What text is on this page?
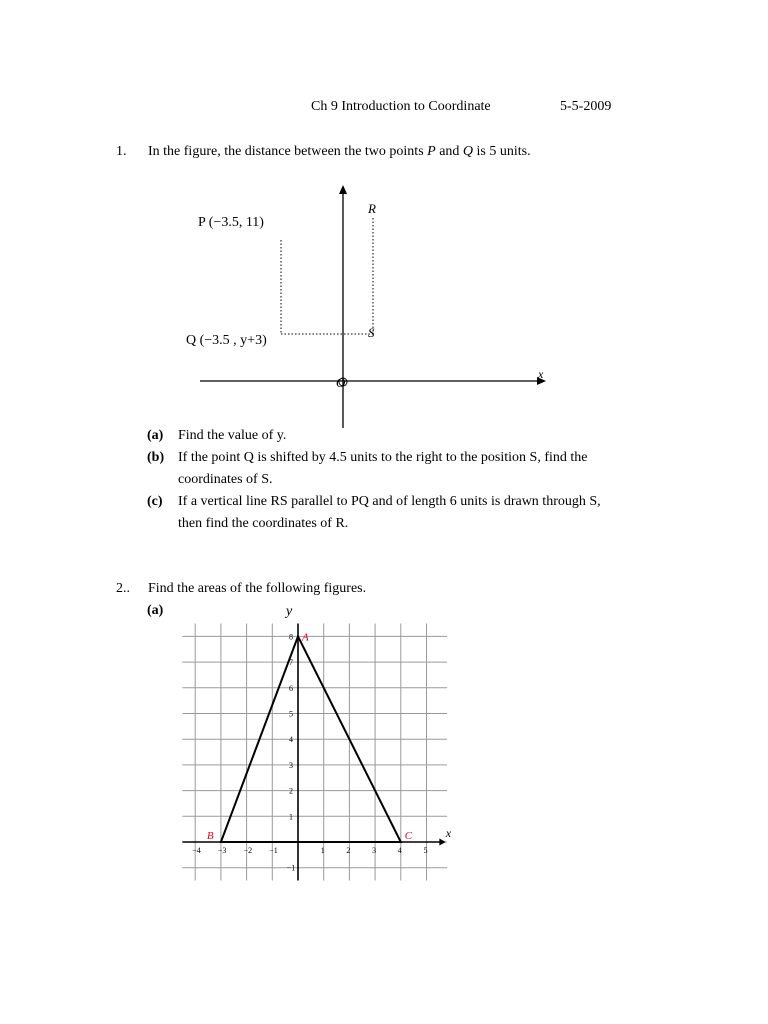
Ch 9 Introduction to Coordinate	5-5-2009
1. In the figure, the distance between the two points P and Q is 5 units.
O
x
P (−3.5, 11)
Q (−3.5 , y+3)
R
S
(a) Find the value of y.
(b) If the point Q is shifted by 4.5 units to the right to the position S, find the
coordinates of S.
(c) If a vertical line RS parallel to PQ and of length 6 units is drawn through S,
then find the coordinates of R.
2.. Find the areas of the following figures.
(a)	y
x
−4 −3 −2 −1	1	2	3	4	5
8
7
6
5
4
3
2
1
−1
A
B	C
